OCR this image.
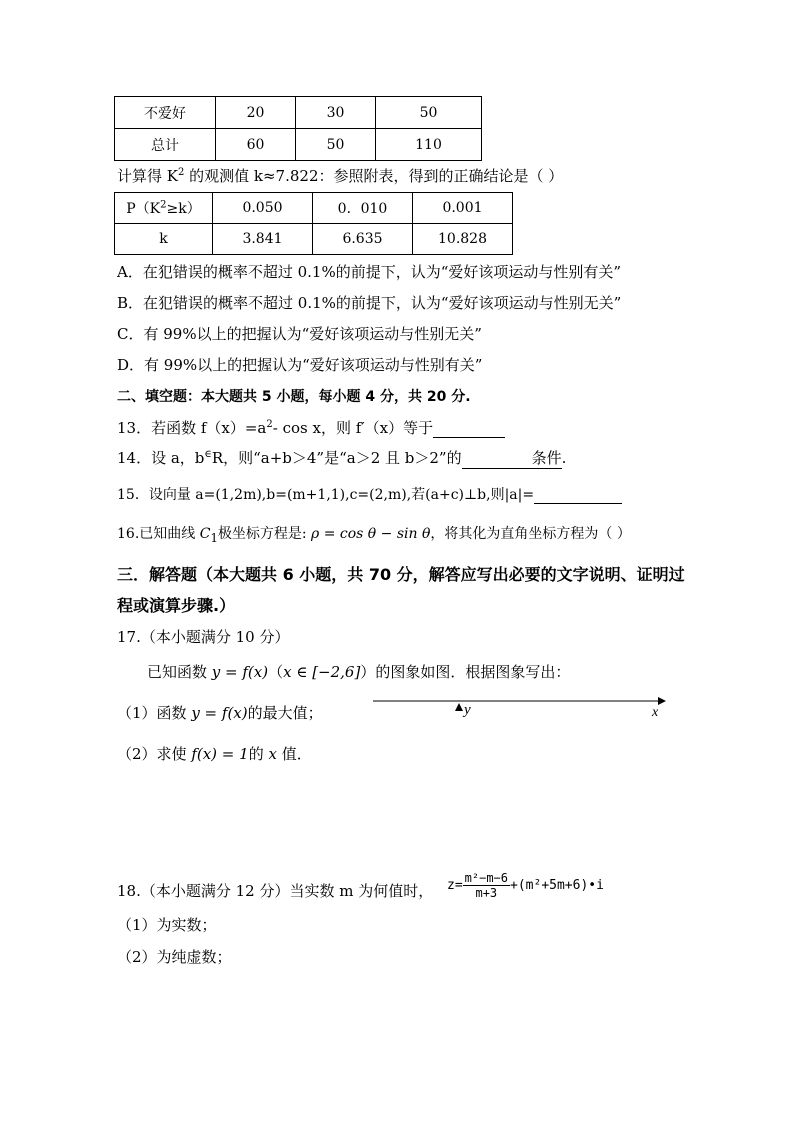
不爱好	20	30	50
总计	60	50	110
计算得 $K^2$ 的观测值 k≈7.822：参照附表，得到的正确结论是（ ）
$P(K^2\ge k)$	0.050	0．010	0.001
k	3.841	6.635	10.828
A．在犯错误的概率不超过 0.1%的前提下，认为“爱好该项运动与性别有关”
B．在犯错误的概率不超过 0.1%的前提下，认为“爱好该项运动与性别无关”
C．有 99%以上的把握认为“爱好该项运动与性别无关”
D．有 99%以上的把握认为“爱好该项运动与性别有关”
二、填空题：本大题共 5 小题，每小题 4 分，共 20 分.
13．若函数 $f(x)=a^2-$ cos x，则 f′（x）等于
14．设 a，b∈R，则“a+b＞4”是“a＞2 且 b＞2”的	条件.
15．设向量 a=(1,2m),b=(m+1,1),c=(2,m),若(a+c)⊥b,则|a|=
16.已知曲线 $C_1$极坐标方程是: ρ = cos θ − sin θ，将其化为直角坐标方程为（ ）
三．解答题（本大题共 6 小题，共 70 分，解答应写出必要的文字说明、证明过
程或演算步骤.）
17.（本小题满分 10 分）
已知函数 y = f(x)（x ∈ [−2,6]）的图象如图．根据图象写出：
（1）函数 y = f(x)的最大值；
（2）求使 f(x) = 1的 x 值．
y	x
18.（本小题满分 12 分）当实数 m 为何值时， $z= \frac{\text{m²−m−6}}{m+3}$ +(m²+5m+6)•i
（1）为实数；
（2）为纯虚数；
